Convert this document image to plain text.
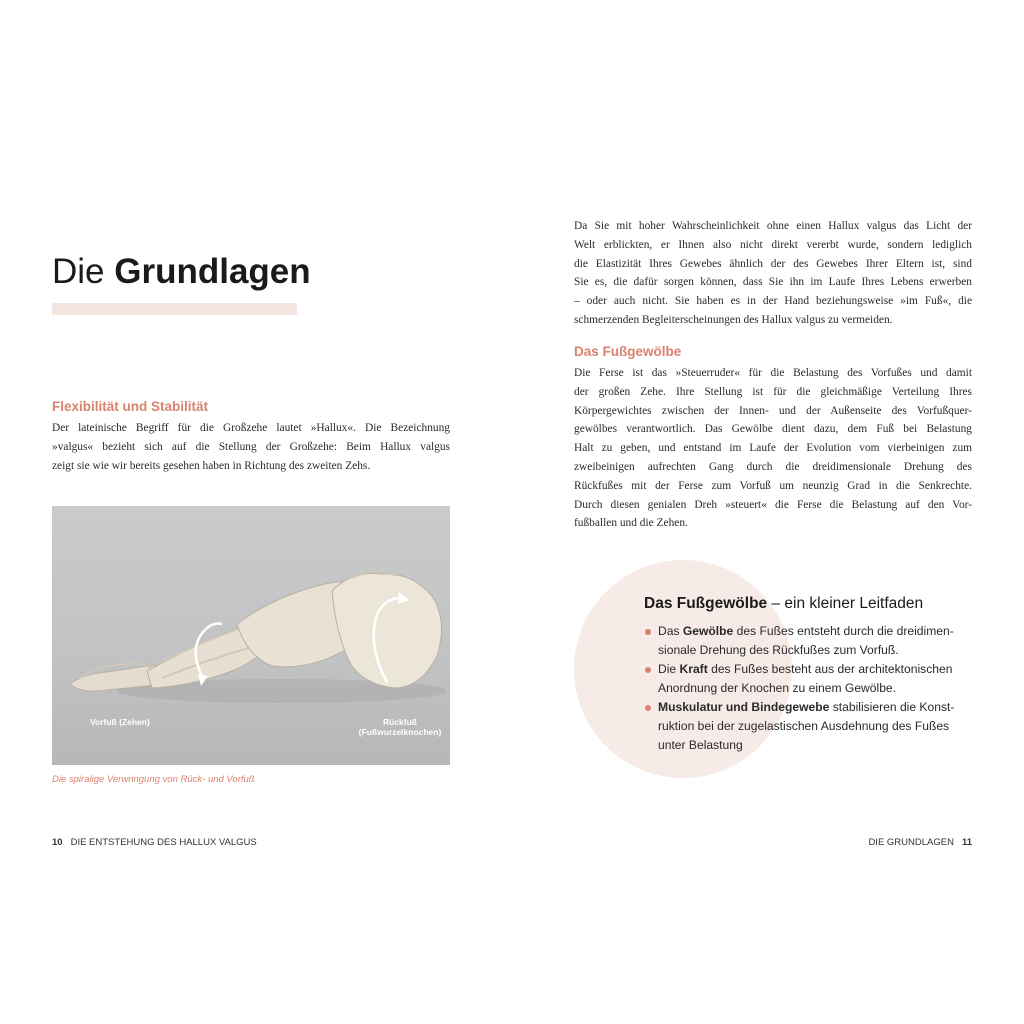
Die Grundlagen
Flexibilität und Stabilität
Der lateinische Begriff für die Großzehe lautet »Hallux«. Die Bezeichnung
»valgus« bezieht sich auf die Stellung der Großzehe: Beim Hallux valgus
zeigt sie wie wir bereits gesehen haben in Richtung des zweiten Zehs.
Vorfuß (Zehen)	Rückfuß
(Fußwurzelknochen)
Die spiralige Verwringung von Rück- und Vorfuß
10 DIE ENTSTEHUNG DES HALLUX VALGUS
Da Sie mit hoher Wahrscheinlichkeit ohne einen Hallux valgus das Licht der
Welt erblickten, er Ihnen also nicht direkt vererbt wurde, sondern lediglich
die Elastizität Ihres Gewebes ähnlich der des Gewebes Ihrer Eltern ist, sind
Sie es, die dafür sorgen können, dass Sie ihn im Laufe Ihres Lebens erwerben
– oder auch nicht. Sie haben es in der Hand beziehungsweise »im Fuß«, die
schmerzenden Begleiterscheinungen des Hallux valgus zu vermeiden.
Das Fußgewölbe
Die Ferse ist das »Steuerruder« für die Belastung des Vorfußes und damit
der großen Zehe. Ihre Stellung ist für die gleichmäßige Verteilung Ihres
Körpergewichtes zwischen der Innen- und der Außenseite des Vorfußquer-
gewölbes verantwortlich. Das Gewölbe dient dazu, dem Fuß bei Belastung
Halt zu geben, und entstand im Laufe der Evolution vom vierbeinigen zum
zweibeinigen aufrechten Gang durch die dreidimensionale Drehung des
Rückfußes mit der Ferse zum Vorfuß um neunzig Grad in die Senkrechte.
Durch diesen genialen Dreh »steuert« die Ferse die Belastung auf den Vor-
fußballen und die Zehen.
Das Fußgewölbe – ein kleiner Leitfaden
Das Gewölbe des Fußes entsteht durch die dreidimen-
sionale Drehung des Rückfußes zum Vorfuß.
Die Kraft des Fußes besteht aus der architektonischen
Anordnung der Knochen zu einem Gewölbe.
Muskulatur und Bindegewebe stabilisieren die Konst-
ruktion bei der zugelastischen Ausdehnung des Fußes
unter Belastung
DIE GRUNDLAGEN 11
